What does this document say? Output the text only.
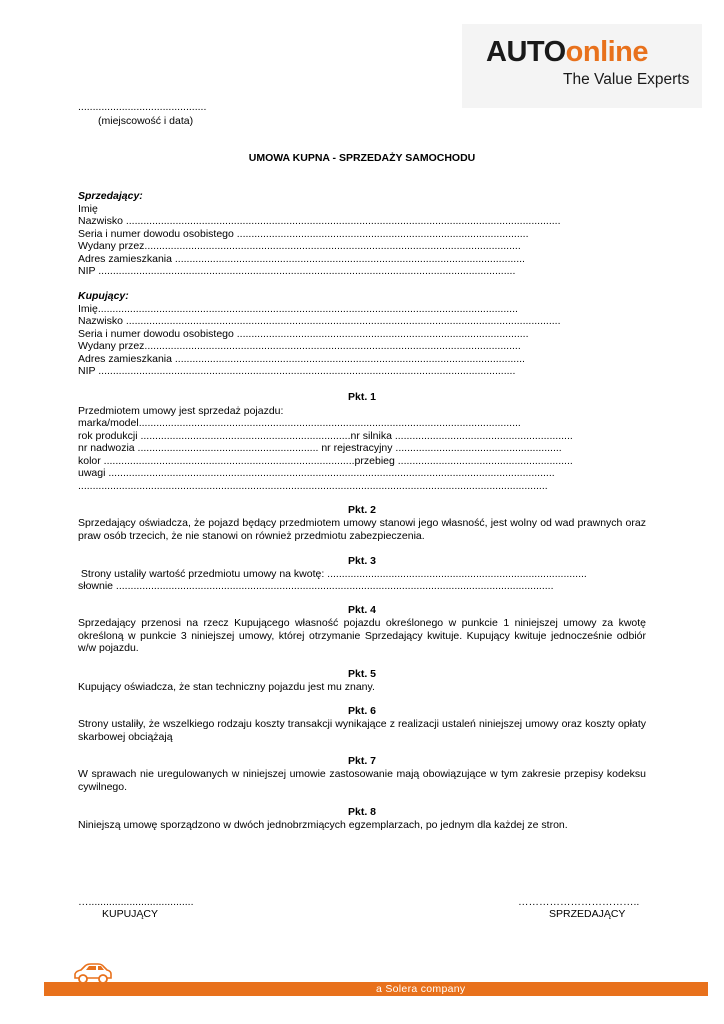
AUTOonline
The Value Experts
............................................
(miejscowość i data)
UMOWA KUPNA - SPRZEDAŻY SAMOCHODU
Sprzedający:
Imię
Nazwisko .....................................................................................................................................................
Seria i numer dowodu osobistego ....................................................................................................
Wydany przez.................................................................................................................................
Adres zamieszkania ........................................................................................................................
NIP ...............................................................................................................................................
Kupujący:
Imię................................................................................................................................................
Nazwisko .....................................................................................................................................................
Seria i numer dowodu osobistego ....................................................................................................
Wydany przez.................................................................................................................................
Adres zamieszkania ........................................................................................................................
NIP ...............................................................................................................................................
Pkt. 1
Przedmiotem umowy jest sprzedaż pojazdu:
marka/model...................................................................................................................................
rok produkcji ........................................................................nr silnika .............................................................
nr nadwozia .............................................................. nr rejestracyjny .........................................................
kolor ......................................................................................przebieg ............................................................
uwagi .........................................................................................................................................................
.................................................................................................................................................................
Pkt. 2
Sprzedający oświadcza, że pojazd będący przedmiotem umowy stanowi jego własność, jest wolny od wad prawnych oraz praw osób trzecich, że nie stanowi on również przedmiotu zabezpieczenia.
Pkt. 3
Strony ustaliły wartość przedmiotu umowy na kwotę: .........................................................................................
słownie ......................................................................................................................................................
Pkt. 4
Sprzedający przenosi na rzecz Kupującego własność pojazdu określonego w punkcie 1 niniejszej umowy za kwotę określoną w punkcie 3 niniejszej umowy, której otrzymanie Sprzedający kwituje. Kupujący kwituje jednocześnie odbiór w/w pojazdu.
Pkt. 5
Kupujący oświadcza, że stan techniczny pojazdu jest mu znany.
Pkt. 6
Strony ustaliły, że wszelkiego rodzaju koszty transakcji wynikające z realizacji ustaleń niniejszej umowy oraz koszty opłaty skarbowej obciążają
Pkt. 7
W sprawach nie uregulowanych w niniejszej umowie zastosowanie mają obowiązujące w tym zakresie przepisy kodeksu cywilnego.
Pkt. 8
Niniejszą umowę sporządzono w dwóch jednobrzmiących egzemplarzach, po jednym dla każdej ze stron.
…....................................
KUPUJĄCY
……………………………..
SPRZEDAJĄCY
a Solera company
